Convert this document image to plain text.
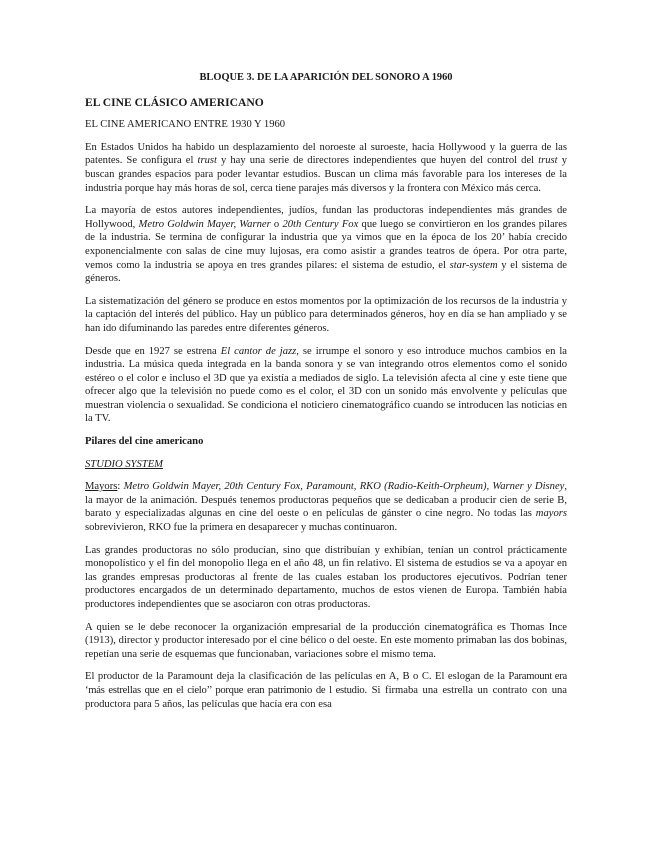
BLOQUE 3. DE LA APARICIÓN DEL SONORO A 1960
EL CINE CLÁSICO AMERICANO
EL CINE AMERICANO ENTRE 1930 Y 1960

En Estados Unidos ha habido un desplazamiento del noroeste al suroeste, hacia Hollywood y la guerra de las patentes. Se configura el trust y hay una serie de directores independientes que huyen del control del trust y buscan grandes espacios para poder levantar estudios. Buscan un clima más favorable para los intereses de la industria porque hay más horas de sol, cerca tiene parajes más diversos y la frontera con México más cerca.

La mayoría de estos autores independientes, judíos, fundan las productoras independientes más grandes de Hollywood, Metro Goldwin Mayer, Warner o 20th Century Fox que luego se convirtieron en los grandes pilares de la industria. Se termina de configurar la industria que ya vimos que en la época de los 20’ había crecido exponencialmente con salas de cine muy lujosas, era como asistir a grandes teatros de ópera. Por otra parte, vemos como la industria se apoya en tres grandes pilares: el sistema de estudio, el star-system y el sistema de géneros.

La sistematización del género se produce en estos momentos por la optimización de los recursos de la industria y la captación del interés del público. Hay un público para determinados géneros, hoy en día se han ampliado y se han ido difuminando las paredes entre diferentes géneros.

Desde que en 1927 se estrena El cantor de jazz, se irrumpe el sonoro y eso introduce muchos cambios en la industria. La música queda integrada en la banda sonora y se van integrando otros elementos como el sonido estéreo o el color e incluso el 3D que ya existía a mediados de siglo. La televisión afecta al cine y este tiene que ofrecer algo que la televisión no puede como es el color, el 3D con un sonido más envolvente y películas que muestran violencia o sexualidad. Se condiciona el noticiero cinematográfico cuando se introducen las noticias en la TV.

Pilares del cine americano
STUDIO SYSTEM

Mayors: Metro Goldwin Mayer, 20th Century Fox, Paramount, RKO (Radio-Keith-Orpheum), Warner y Disney, la mayor de la animación. Después tenemos productoras pequeños que se dedicaban a producir cien de serie B, barato y especializadas algunas en cine del oeste o en películas de gánster o cine negro. No todas las mayors sobrevivieron, RKO fue la primera en desaparecer y muchas continuaron.

Las grandes productoras no sólo producían, sino que distribuían y exhibían, tenían un control prácticamente monopolístico y el fin del monopolio llega en el año 48, un fin relativo. El sistema de estudios se va a apoyar en las grandes empresas productoras al frente de las cuales estaban los productores ejecutivos. Podrían tener productores encargados de un determinado departamento, muchos de estos vienen de Europa. También había productores independientes que se asociaron con otras productoras.

A quien se le debe reconocer la organización empresarial de la producción cinematográfica es Thomas Ince (1913), director y productor interesado por el cine bélico o del oeste. En este momento primaban las dos bobinas, repetían una serie de esquemas que funcionaban, variaciones sobre el mismo tema.

El productor de la Paramount deja la clasificación de las películas en A, B o C. El eslogan de la Paramount era ‘más estrellas que en el cielo’’ porque eran patrimonio de l estudio. Si firmaba una estrella un contrato con una productora para 5 años, las películas que hacía era con esa
